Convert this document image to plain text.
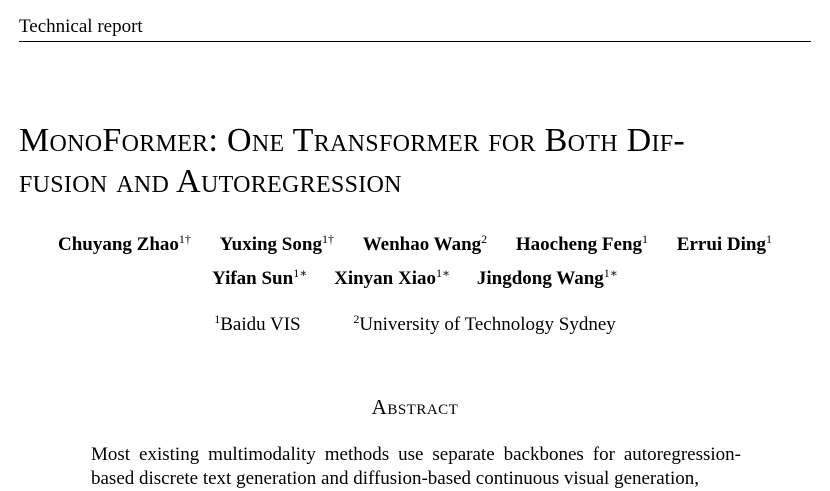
Technical report
MonoFormer: One Transformer for Both Dif-
fusion and Autoregression
Chuyang Zhao$^{1\dagger}$ Yuxing Song$^{1\dagger}$ Wenhao Wang$^2$ Haocheng Feng$^1$ Errui Ding$^1$
Yifan Sun$^{1∗}$ Xinyan Xiao$^{1∗}$ Jingdong Wang$^{1∗}$
$^1$Baidu VIS	$^2$University of Technology Sydney
Abstract

Most existing multimodality methods use separate backbones for autoregression-based discrete text generation and diffusion-based continuous visual generation,
